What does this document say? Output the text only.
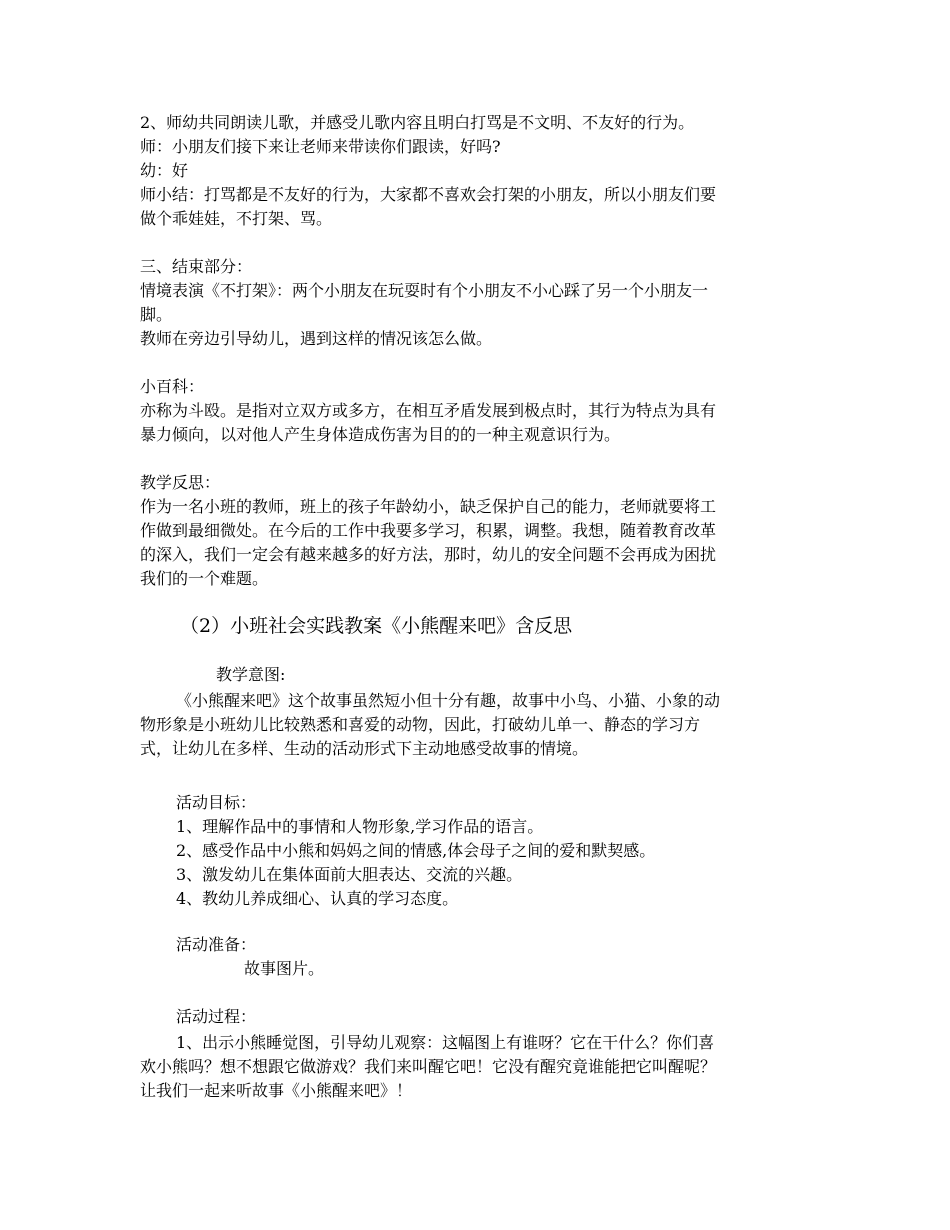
2、师幼共同朗读儿歌，并感受儿歌内容且明白打骂是不文明、不友好的行为。
师：小朋友们接下来让老师来带读你们跟读，好吗?
幼：好
师小结：打骂都是不友好的行为，大家都不喜欢会打架的小朋友，所以小朋友们要
做个乖娃娃，不打架、骂。
三、结束部分：
情境表演《不打架》：两个小朋友在玩耍时有个小朋友不小心踩了另一个小朋友一
脚。
教师在旁边引导幼儿，遇到这样的情况该怎么做。
小百科：
亦称为斗殴。是指对立双方或多方，在相互矛盾发展到极点时，其行为特点为具有
暴力倾向，以对他人产生身体造成伤害为目的的一种主观意识行为。
教学反思：
作为一名小班的教师，班上的孩子年龄幼小，缺乏保护自己的能力，老师就要将工
作做到最细微处。在今后的工作中我要多学习，积累，调整。我想，随着教育改革
的深入，我们一定会有越来越多的好方法，那时，幼儿的安全问题不会再成为困扰
我们的一个难题。
（2）小班社会实践教案《小熊醒来吧》含反思
教学意图:
《小熊醒来吧》这个故事虽然短小但十分有趣，故事中小鸟、小猫、小象的动
物形象是小班幼儿比较熟悉和喜爱的动物，因此，打破幼儿单一、静态的学习方
式，让幼儿在多样、生动的活动形式下主动地感受故事的情境。
活动目标：
1、理解作品中的事情和人物形象,学习作品的语言。
2、感受作品中小熊和妈妈之间的情感,体会母子之间的爱和默契感。
3、激发幼儿在集体面前大胆表达、交流的兴趣。
4、教幼儿养成细心、认真的学习态度。
活动准备：
故事图片。
活动过程：
1、出示小熊睡觉图，引导幼儿观察：这幅图上有谁呀？它在干什么？你们喜
欢小熊吗？想不想跟它做游戏？我们来叫醒它吧！它没有醒究竟谁能把它叫醒呢？
让我们一起来听故事《小熊醒来吧》！
